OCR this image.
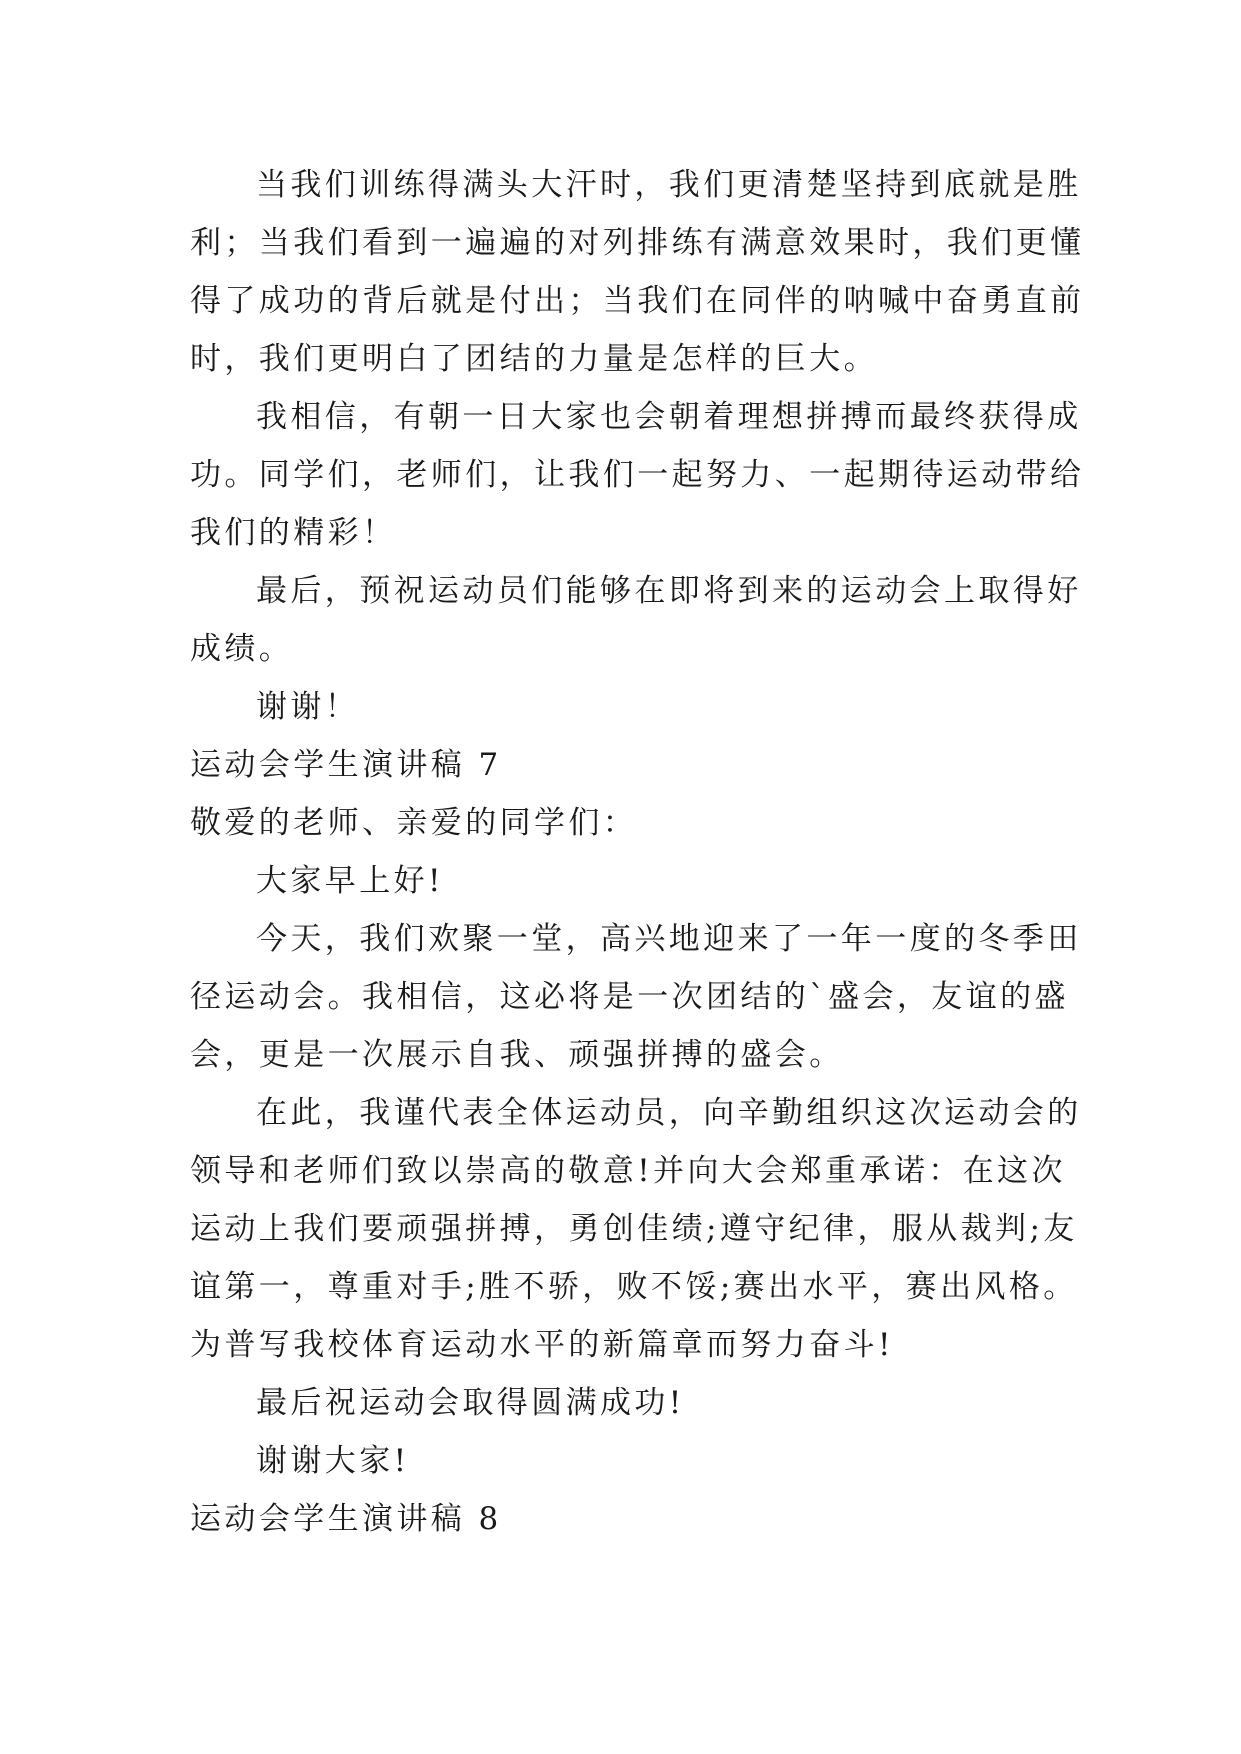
当我们训练得满头大汗时，我们更清楚坚持到底就是胜
利；当我们看到一遍遍的对列排练有满意效果时，我们更懂
得了成功的背后就是付出；当我们在同伴的呐喊中奋勇直前
时，我们更明白了团结的力量是怎样的巨大。
我相信，有朝一日大家也会朝着理想拼搏而最终获得成
功。同学们，老师们，让我们一起努力、一起期待运动带给
我们的精彩！
最后，预祝运动员们能够在即将到来的运动会上取得好
成绩。
谢谢！
运动会学生演讲稿 7
敬爱的老师、亲爱的同学们：
大家早上好!
今天，我们欢聚一堂，高兴地迎来了一年一度的冬季田
径运动会。我相信，这必将是一次团结的`盛会，友谊的盛
会，更是一次展示自我、顽强拼搏的盛会。
在此，我谨代表全体运动员，向辛勤组织这次运动会的
领导和老师们致以崇高的敬意!并向大会郑重承诺：在这次
运动上我们要顽强拼搏，勇创佳绩;遵守纪律，服从裁判;友
谊第一，尊重对手;胜不骄，败不馁;赛出水平，赛出风格。
为普写我校体育运动水平的新篇章而努力奋斗!
最后祝运动会取得圆满成功!
谢谢大家!
运动会学生演讲稿 8
